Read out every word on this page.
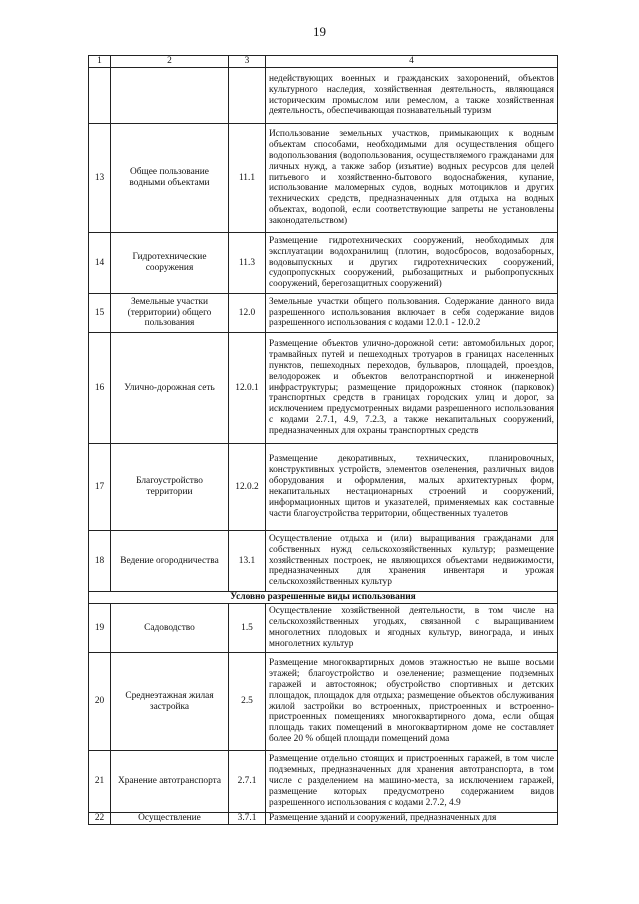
19
1	2	3	4
			недействующих военных и гражданских захоронений, объектов культурного наследия, хозяйственная деятельность, являющаяся историческим промыслом или ремеслом, а также хозяйственная деятельность, обеспечивающая познавательный туризм
13	Общее пользование водными объектами	11.1	Использование земельных участков, примыкающих к водным объектам способами, необходимыми для осуществления общего водопользования (водопользования, осуществляемого гражданами для личных нужд, а также забор (изъятие) водных ресурсов для целей питьевого и хозяйственно-бытового водоснабжения, купание, использование маломерных судов, водных мотоциклов и других технических средств, предназначенных для отдыха на водных объектах, водопой, если соответствующие запреты не установлены законодательством)
14	Гидротехнические сооружения	11.3	Размещение гидротехнических сооружений, необходимых для эксплуатации водохранилищ (плотин, водосбросов, водозаборных, водовыпускных и других гидротехнических сооружений, судопропускных сооружений, рыбозащитных и рыбопропускных сооружений, берегозащитных сооружений)
15	Земельные участки (территории) общего пользования	12.0	Земельные участки общего пользования. Содержание данного вида разрешенного использования включает в себя содержание видов разрешенного использования с кодами 12.0.1 - 12.0.2
16	Улично-дорожная сеть	12.0.1	Размещение объектов улично-дорожной сети: автомобильных дорог, трамвайных путей и пешеходных тротуаров в границах населенных пунктов, пешеходных переходов, бульваров, площадей, проездов, велодорожек и объектов велотранспортной и инженерной инфраструктуры; размещение придорожных стоянок (парковок) транспортных средств в границах городских улиц и дорог, за исключением предусмотренных видами разрешенного использования с кодами 2.7.1, 4.9, 7.2.3, а также некапитальных сооружений, предназначенных для охраны транспортных средств
17	Благоустройство территории	12.0.2	Размещение декоративных, технических, планировочных, конструктивных устройств, элементов озеленения, различных видов оборудования и оформления, малых архитектурных форм, некапитальных нестационарных строений и сооружений, информационных щитов и указателей, применяемых как составные части благоустройства территории, общественных туалетов
18	Ведение огородничества	13.1	Осуществление отдыха и (или) выращивания гражданами для собственных нужд сельскохозяйственных культур; размещение хозяйственных построек, не являющихся объектами недвижимости, предназначенных для хранения инвентаря и урожая сельскохозяйственных культур
Условно разрешенные виды использования			
19	Садоводство	1.5	Осуществление хозяйственной деятельности, в том числе на сельскохозяйственных угодьях, связанной с выращиванием многолетних плодовых и ягодных культур, винограда, и иных многолетних культур
20	Среднеэтажная жилая застройка	2.5	Размещение многоквартирных домов этажностью не выше восьми этажей; благоустройство и озеленение; размещение подземных гаражей и автостоянок; обустройство спортивных и детских площадок, площадок для отдыха; размещение объектов обслуживания жилой застройки во встроенных, пристроенных и встроенно-пристроенных помещениях многоквартирного дома, если общая площадь таких помещений в многоквартирном доме не составляет более 20 % общей площади помещений дома
21	Хранение автотранспорта	2.7.1	Размещение отдельно стоящих и пристроенных гаражей, в том числе подземных, предназначенных для хранения автотранспорта, в том числе с разделением на машино-места, за исключением гаражей, размещение которых предусмотрено содержанием видов разрешенного использования с кодами 2.7.2, 4.9
22	Осуществление	3.7.1	Размещение зданий и сооружений, предназначенных для
